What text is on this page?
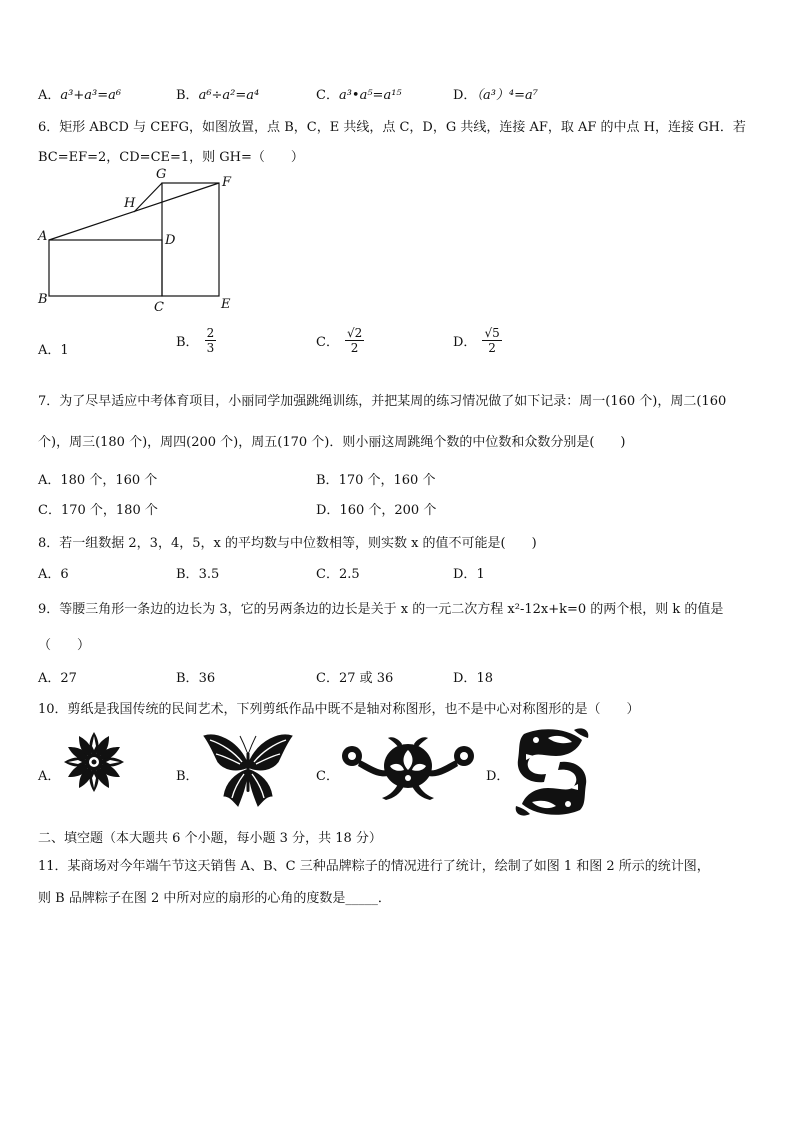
A．a³+a³=a⁶	B．a⁶÷a²=a⁴	C．a³•a⁵=a¹⁵	D．（a³）⁴=a⁷
6．矩形 ABCD 与 CEFG，如图放置，点 B，C，E 共线，点 C，D，G 共线，连接 AF，取 AF 的中点 H，连接 GH．若
BC=EF=2，CD=CE=1，则 GH=（　　）
G
F
H
A	D
B
C	E
A．1
B． $\frac{2}{3}$	C． $\frac{√2}{2}$	D． $\frac{√5}{2}$
7．为了尽早适应中考体育项目，小丽同学加强跳绳训练，并把某周的练习情况做了如下记录：周一(160 个)，周二(160
个)，周三(180 个)，周四(200 个)，周五(170 个)．则小丽这周跳绳个数的中位数和众数分别是(　　)
A．180 个，160 个	B．170 个，160 个
C．170 个，180 个	D．160 个，200 个
8．若一组数据 2，3，4，5，x 的平均数与中位数相等，则实数 x 的值不可能是(　　)
A．6	B．3.5	C．2.5	D．1
9．等腰三角形一条边的边长为 3，它的另两条边的边长是关于 x 的一元二次方程 x²-12x+k=0 的两个根，则 k 的值是
（　　）
A．27	B．36	C．27 或 36	D．18
10．剪纸是我国传统的民间艺术，下列剪纸作品中既不是轴对称图形，也不是中心对称图形的是（　　）
A．	B．	C．	D．
二、填空题（本大题共 6 个小题，每小题 3 分，共 18 分）
11．某商场对今年端午节这天销售 A、B、C 三种品牌粽子的情况进行了统计，绘制了如图 1 和图 2 所示的统计图，
则 B 品牌粽子在图 2 中所对应的扇形的心角的度数是_____．
